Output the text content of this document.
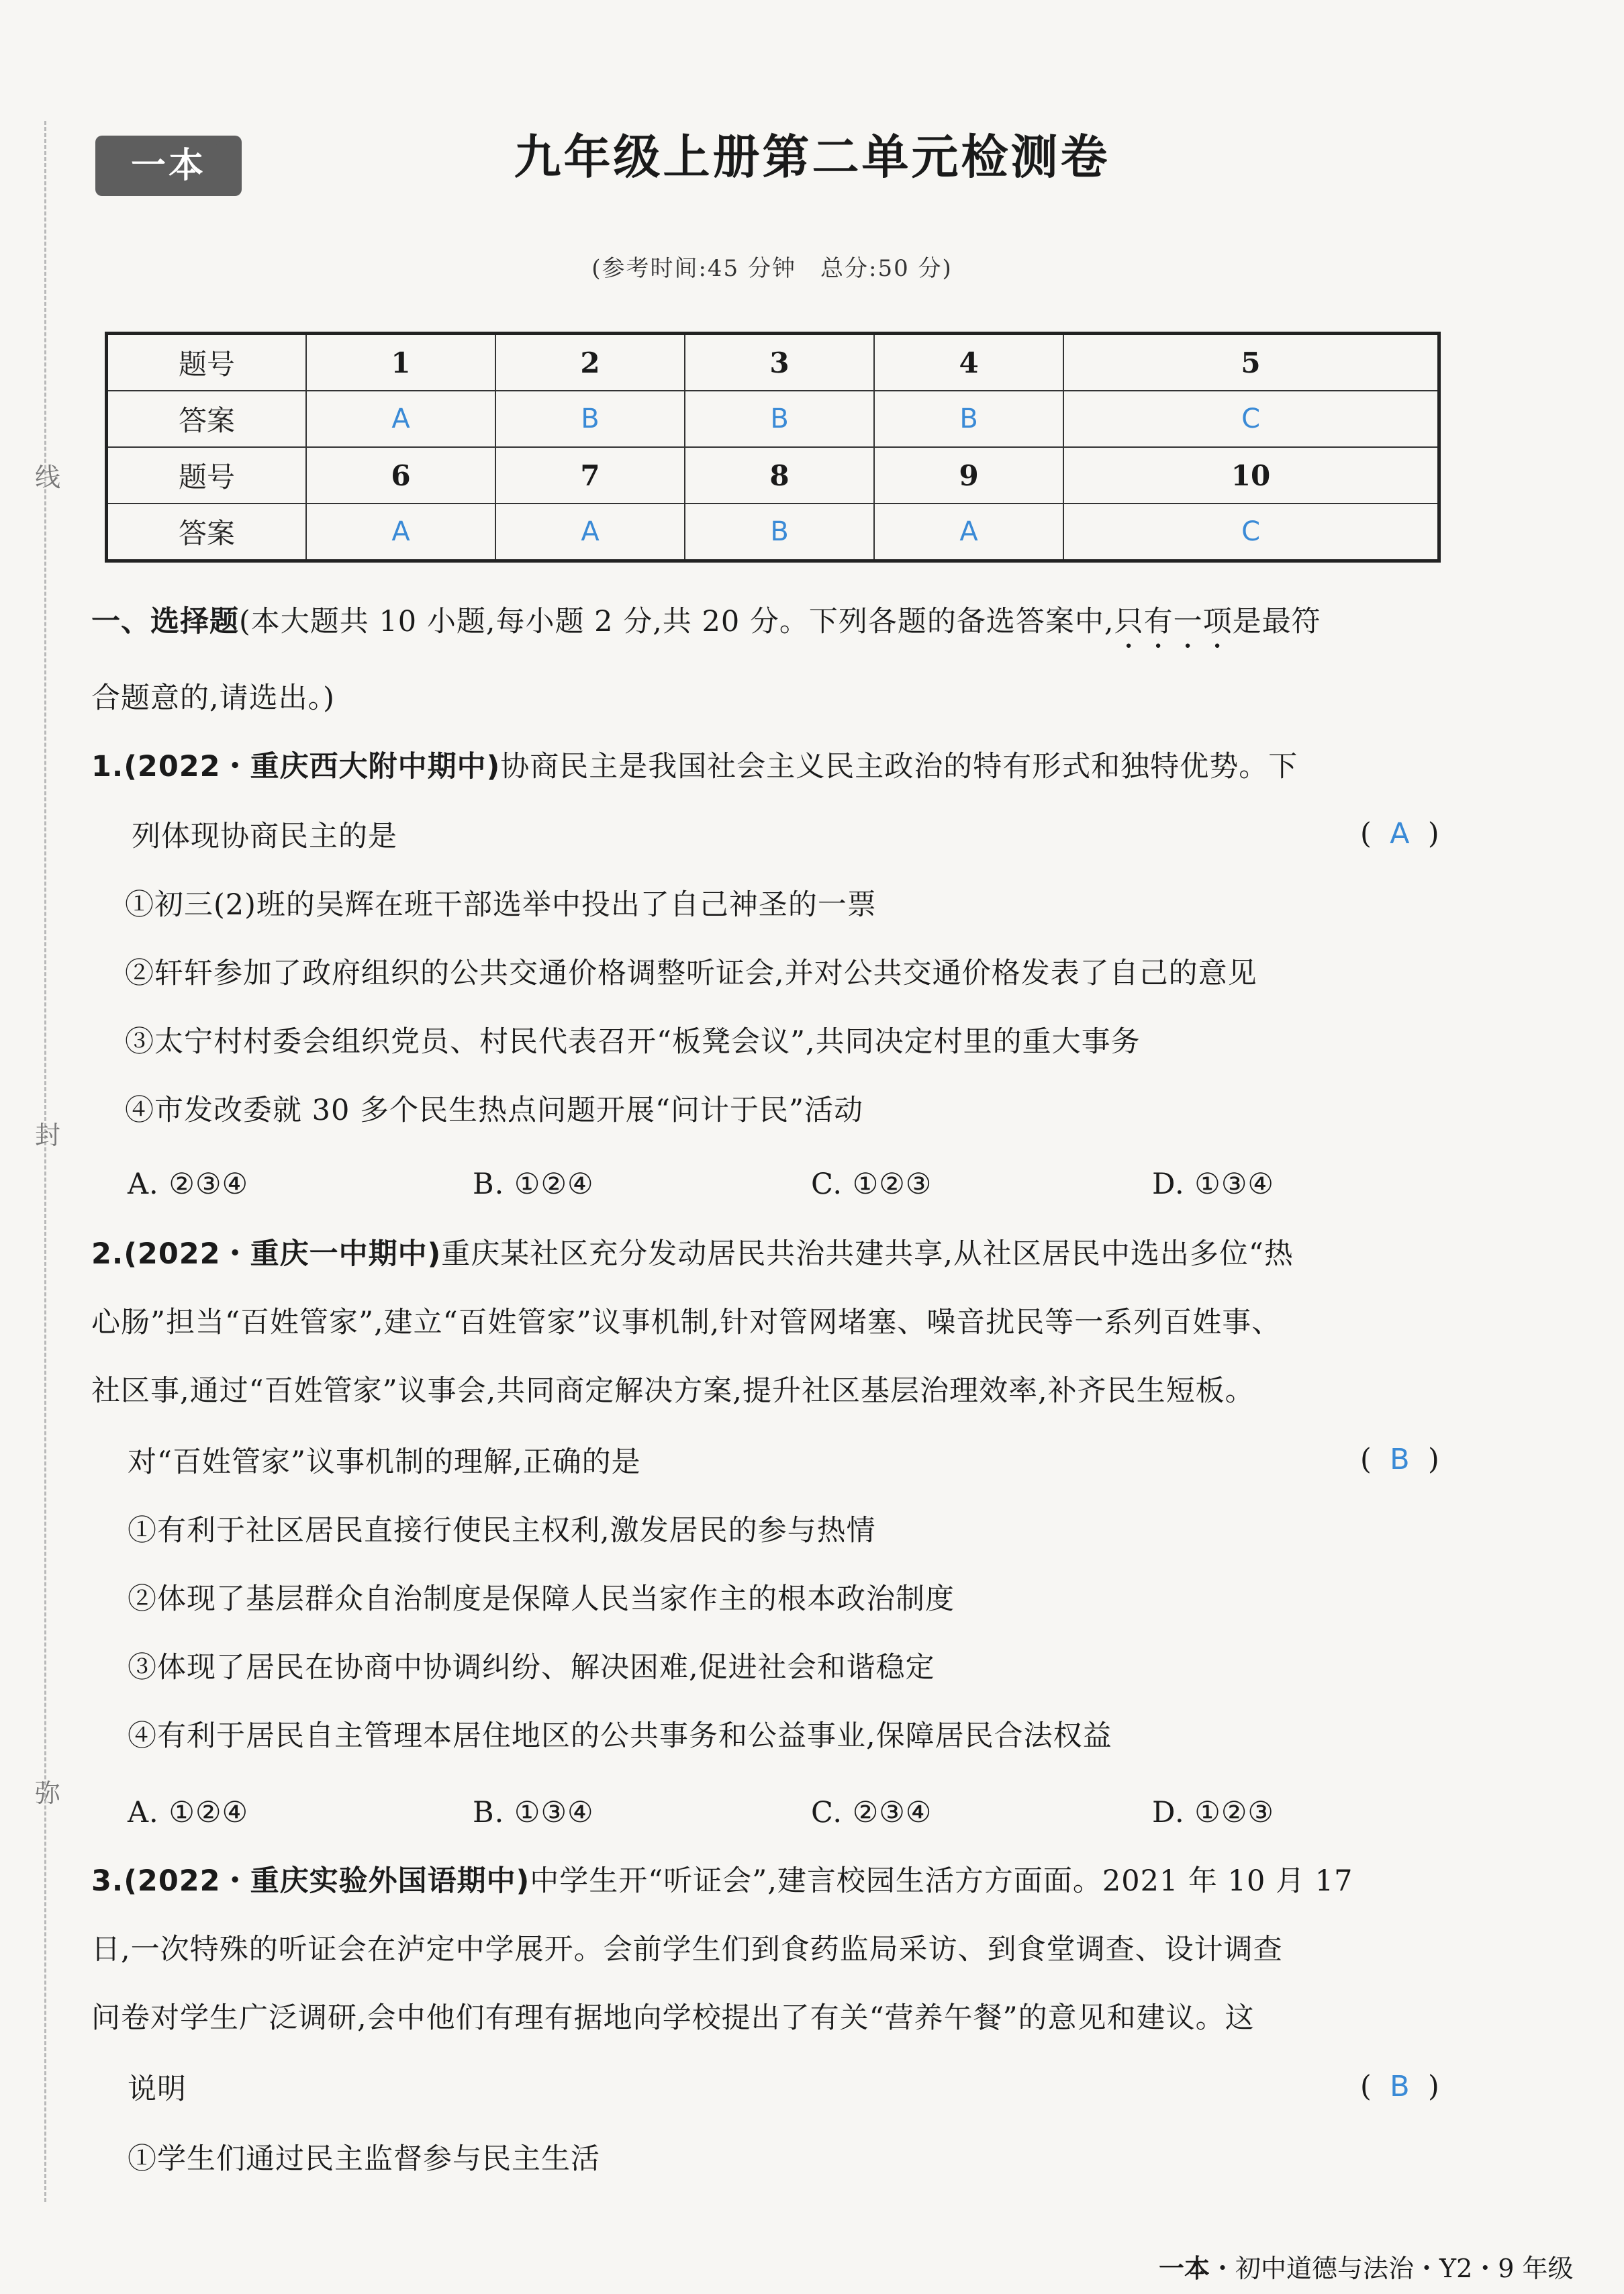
线
封
弥
一本
®	九年级上册第二单元检测卷
(参考时间:45 分钟　总分:50 分)
题号	1	2	3	4	5
答案	A	B	B	B	C
题号	6	7	8	9	10
答案	A	A	B	A	C
一、选择题(本大题共 10 小题,每小题 2 分,共 20 分。下列各题的备选答案中,只有一项是最符
合题意的,请选出。)
1.(2022・重庆西大附中期中)协商民主是我国社会主义民主政治的特有形式和独特优势。下
列体现协商民主的是	(  A  )
①初三(2)班的吴辉在班干部选举中投出了自己神圣的一票
②轩轩参加了政府组织的公共交通价格调整听证会,并对公共交通价格发表了自己的意见
③太宁村村委会组织党员、村民代表召开“板凳会议”,共同决定村里的重大事务
④市发改委就 30 多个民生热点问题开展“问计于民”活动
A. ②③④	B. ①②④	C. ①②③	D. ①③④
2.(2022・重庆一中期中)重庆某社区充分发动居民共治共建共享,从社区居民中选出多位“热
心肠”担当“百姓管家”,建立“百姓管家”议事机制,针对管网堵塞、噪音扰民等一系列百姓事、
社区事,通过“百姓管家”议事会,共同商定解决方案,提升社区基层治理效率,补齐民生短板。
对“百姓管家”议事机制的理解,正确的是	(  B  )
①有利于社区居民直接行使民主权利,激发居民的参与热情
②体现了基层群众自治制度是保障人民当家作主的根本政治制度
③体现了居民在协商中协调纠纷、解决困难,促进社会和谐稳定
④有利于居民自主管理本居住地区的公共事务和公益事业,保障居民合法权益
A. ①②④	B. ①③④	C. ②③④	D. ①②③
3.(2022・重庆实验外国语期中)中学生开“听证会”,建言校园生活方方面面。2021 年 10 月 17
日,一次特殊的听证会在泸定中学展开。会前学生们到食药监局采访、到食堂调查、设计调查
问卷对学生广泛调研,会中他们有理有据地向学校提出了有关“营养午餐”的意见和建议。这
说明	(  B  )
①学生们通过民主监督参与民主生活
一本・初中道德与法治・Y2・9 年级
